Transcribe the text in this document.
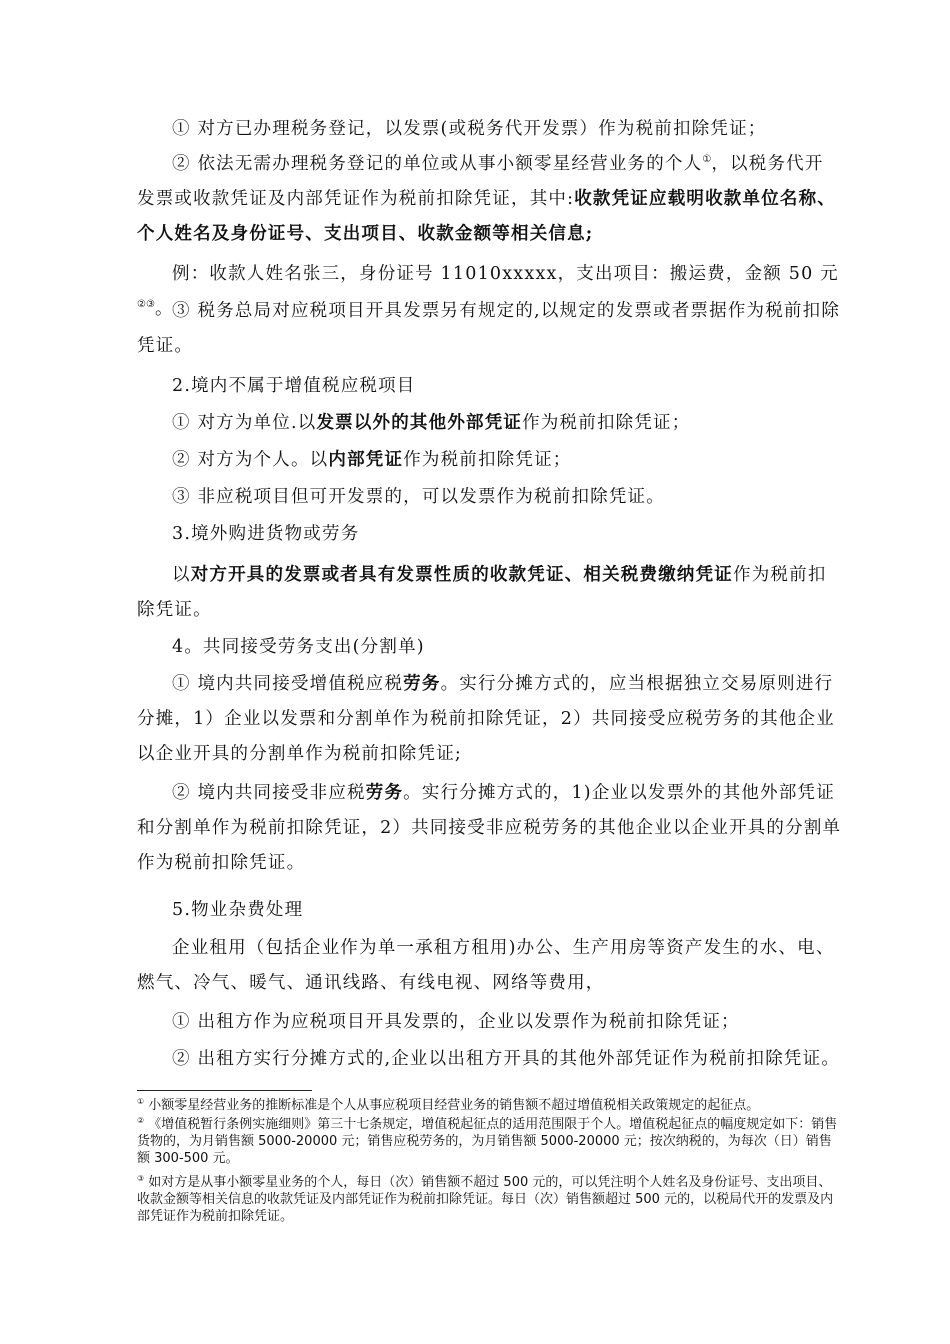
① 对方已办理税务登记，以发票(或税务代开发票）作为税前扣除凭证；

② 依法无需办理税务登记的单位或从事小额零星经营业务的个人①，以税务代开发票或收款凭证及内部凭证作为税前扣除凭证，其中:收款凭证应载明收款单位名称、个人姓名及身份证号、支出项目、收款金额等相关信息;

例：收款人姓名张三，身份证号 11010xxxxx，支出项目：搬运费，金额 50 元②③。

③ 税务总局对应税项目开具发票另有规定的,以规定的发票或者票据作为税前扣除凭证。

2.境内不属于增值税应税项目

① 对方为单位.以发票以外的其他外部凭证作为税前扣除凭证；

② 对方为个人。以内部凭证作为税前扣除凭证；

③ 非应税项目但可开发票的，可以发票作为税前扣除凭证。

3.境外购进货物或劳务

以对方开具的发票或者具有发票性质的收款凭证、相关税费缴纳凭证作为税前扣除凭证。

4。共同接受劳务支出(分割单)

① 境内共同接受增值税应税劳务。实行分摊方式的，应当根据独立交易原则进行分摊，1）企业以发票和分割单作为税前扣除凭证，2）共同接受应税劳务的其他企业以企业开具的分割单作为税前扣除凭证;

② 境内共同接受非应税劳务。实行分摊方式的，1)企业以发票外的其他外部凭证和分割单作为税前扣除凭证，2）共同接受非应税劳务的其他企业以企业开具的分割单作为税前扣除凭证。

5.物业杂费处理

企业租用（包括企业作为单一承租方租用)办公、生产用房等资产发生的水、电、燃气、冷气、暖气、通讯线路、有线电视、网络等费用，

① 出租方作为应税项目开具发票的，企业以发票作为税前扣除凭证；

② 出租方实行分摊方式的,企业以出租方开具的其他外部凭证作为税前扣除凭证。

① 小额零星经营业务的推断标准是个人从事应税项目经营业务的销售额不超过增值税相关政策规定的起征点。
② 《增值税暂行条例实施细则》第三十七条规定，增值税起征点的适用范围限于个人。增值税起征点的幅度规定如下：销售货物的，为月销售额 5000-20000 元；销售应税劳务的，为月销售额 5000-20000 元；按次纳税的，为每次（日）销售额 300-500 元。
③ 如对方是从事小额零星业务的个人，每日（次）销售额不超过 500 元的，可以凭注明个人姓名及身份证号、支出项目、收款金额等相关信息的收款凭证及内部凭证作为税前扣除凭证。每日（次）销售额超过 500 元的，以税局代开的发票及内部凭证作为税前扣除凭证。
